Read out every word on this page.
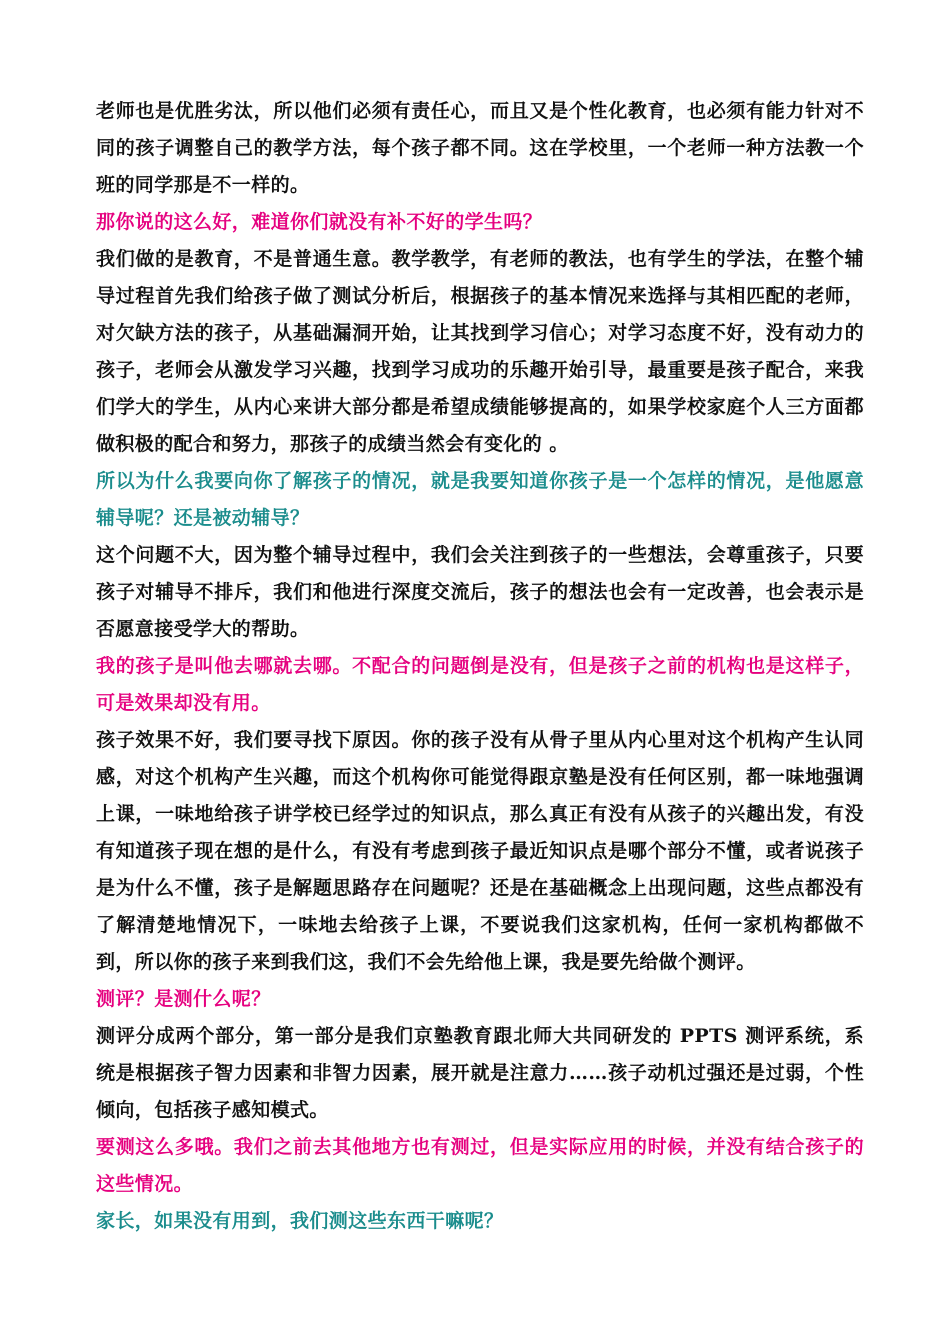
老师也是优胜劣汰，所以他们必须有责任心，而且又是个性化教育，也必须有能力针对不同的孩子调整自己的教学方法，每个孩子都不同。这在学校里，一个老师一种方法教一个班的同学那是不一样的。

那你说的这么好，难道你们就没有补不好的学生吗？

我们做的是教育，不是普通生意。教学教学，有老师的教法，也有学生的学法，在整个辅导过程首先我们给孩子做了测试分析后，根据孩子的基本情况来选择与其相匹配的老师，对欠缺方法的孩子，从基础漏洞开始，让其找到学习信心；对学习态度不好，没有动力的孩子，老师会从激发学习兴趣，找到学习成功的乐趣开始引导，最重要是孩子配合，来我们学大的学生，从内心来讲大部分都是希望成绩能够提高的，如果学校家庭个人三方面都做积极的配合和努力，那孩子的成绩当然会有变化的 。

所以为什么我要向你了解孩子的情况，就是我要知道你孩子是一个怎样的情况，是他愿意辅导呢？还是被动辅导？

这个问题不大，因为整个辅导过程中，我们会关注到孩子的一些想法，会尊重孩子，只要孩子对辅导不排斥，我们和他进行深度交流后，孩子的想法也会有一定改善，也会表示是否愿意接受学大的帮助。

我的孩子是叫他去哪就去哪。不配合的问题倒是没有，但是孩子之前的机构也是这样子，可是效果却没有用。

孩子效果不好，我们要寻找下原因。你的孩子没有从骨子里从内心里对这个机构产生认同感，对这个机构产生兴趣，而这个机构你可能觉得跟京塾是没有任何区别，都一味地强调上课，一味地给孩子讲学校已经学过的知识点，那么真正有没有从孩子的兴趣出发，有没有知道孩子现在想的是什么，有没有考虑到孩子最近知识点是哪个部分不懂，或者说孩子是为什么不懂，孩子是解题思路存在问题呢？还是在基础概念上出现问题，这些点都没有了解清楚地情况下，一味地去给孩子上课，不要说我们这家机构，任何一家机构都做不到，所以你的孩子来到我们这，我们不会先给他上课，我是要先给做个测评。

测评？是测什么呢？

测评分成两个部分，第一部分是我们京塾教育跟北师大共同研发的 PPTS 测评系统，系统是根据孩子智力因素和非智力因素，展开就是注意力……孩子动机过强还是过弱，个性倾向，包括孩子感知模式。

要测这么多哦。我们之前去其他地方也有测过，但是实际应用的时候，并没有结合孩子的这些情况。

家长，如果没有用到，我们测这些东西干嘛呢？
